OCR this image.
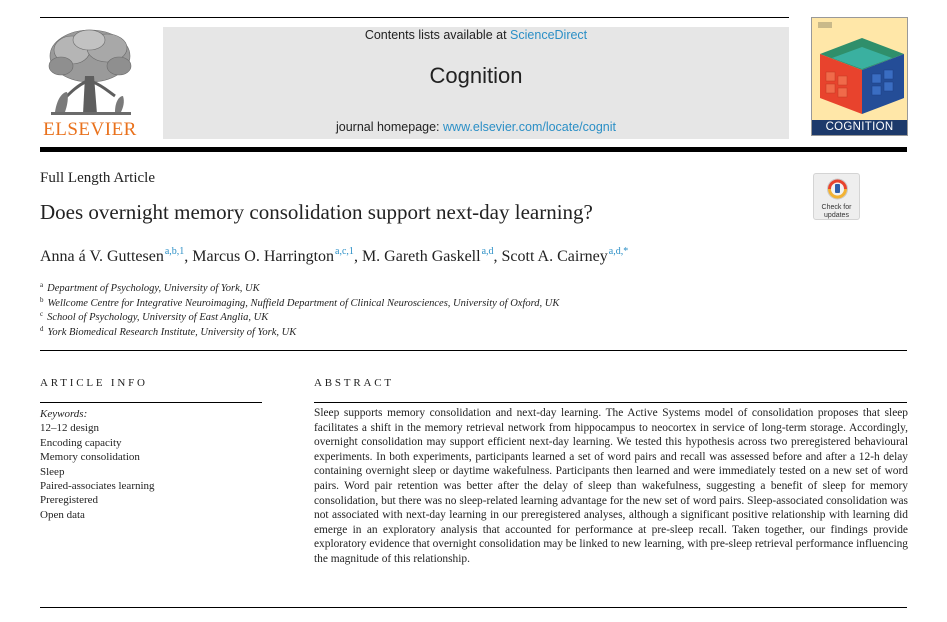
ELSEVIER
Contents lists available at ScienceDirect
Cognition
journal homepage: www.elsevier.com/locate/cognit	COGNITION
Full Length Article
Does overnight memory consolidation support next-day learning?	Check for
updates
Anna á V. Guttesen$^{a,b,1}$, Marcus O. Harrington$^{a,c,1}$, M. Gareth Gaskell$^{a,d}$, Scott A. Cairney$^{a,d,*}$
$^a$ Department of Psychology, University of York, UK
$^b$ Wellcome Centre for Integrative Neuroimaging, Nuffield Department of Clinical Neurosciences, University of Oxford, UK
$^c$ School of Psychology, University of East Anglia, UK
$^d$ York Biomedical Research Institute, University of York, UK
ARTICLE INFO
Keywords:
12–12 design
Encoding capacity
Memory consolidation
Sleep
Paired-associates learning
Preregistered
Open data
ABSTRACT
Sleep supports memory consolidation and next-day learning. The Active Systems model of consolidation proposes that sleep facilitates a shift in the memory retrieval network from hippocampus to neocortex in service of long-term storage. Accordingly, overnight consolidation may support efficient next-day learning. We tested this hypothesis across two preregistered behavioural experiments. In both experiments, participants learned a set of word pairs and recall was assessed before and after a 12-h delay containing overnight sleep or daytime wakefulness. Participants then learned and were immediately tested on a new set of word pairs. Word pair retention was better after the delay of sleep than wakefulness, suggesting a benefit of sleep for memory consolidation, but there was no sleep-related learning advantage for the new set of word pairs. Sleep-associated consolidation was not associated with next-day learning in our preregistered analyses, although a significant positive relationship with learning did emerge in an exploratory analysis that accounted for performance at pre-sleep recall. Taken together, our findings provide exploratory evidence that overnight consolidation may be linked to new learning, with pre-sleep retrieval performance influencing the magnitude of this relationship.
